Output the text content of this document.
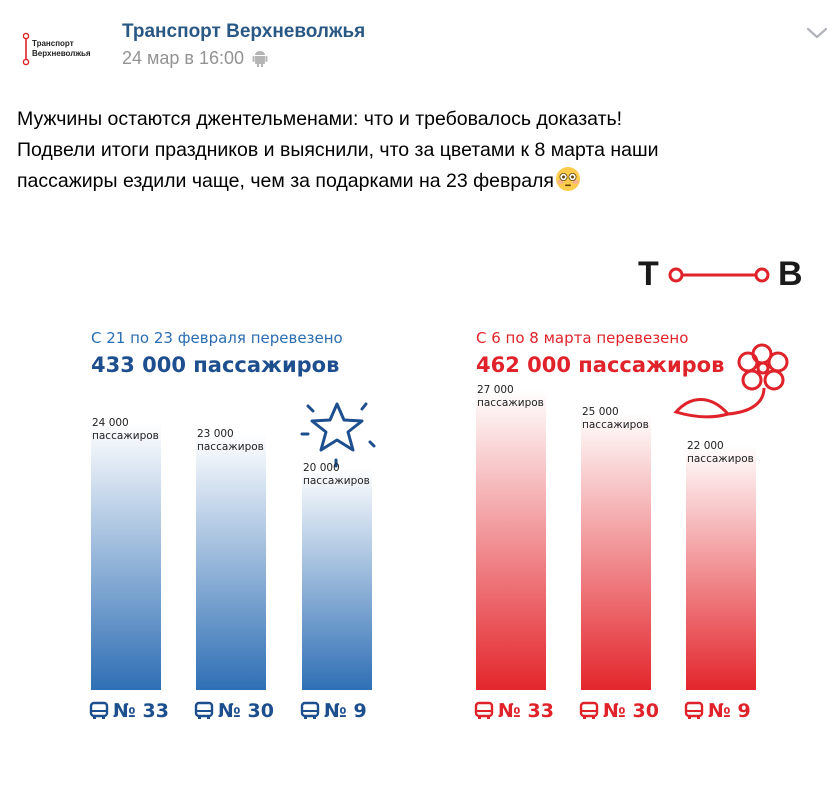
Транспорт
Верхневолжья
Транспорт Верхневолжья
24 мар в 16:00

Мужчины остаются джентельменами: что и требовалось доказать!

Подвели итоги праздников и выяснили, что за цветами к 8 марта наши

пассажиры ездили чаще, чем за подарками на 23 февраля

Т	В
С 21 по 23 февраля перевезено
433 000 пассажиров
С 6 по 8 марта перевезено
462 000 пассажиров
24 000
пассажиров
№ 33
23 000
пассажиров
№ 30
20 000
пассажиров
№ 9
27 000
пассажиров
№ 33
25 000
пассажиров
№ 30
22 000
пассажиров
№ 9
